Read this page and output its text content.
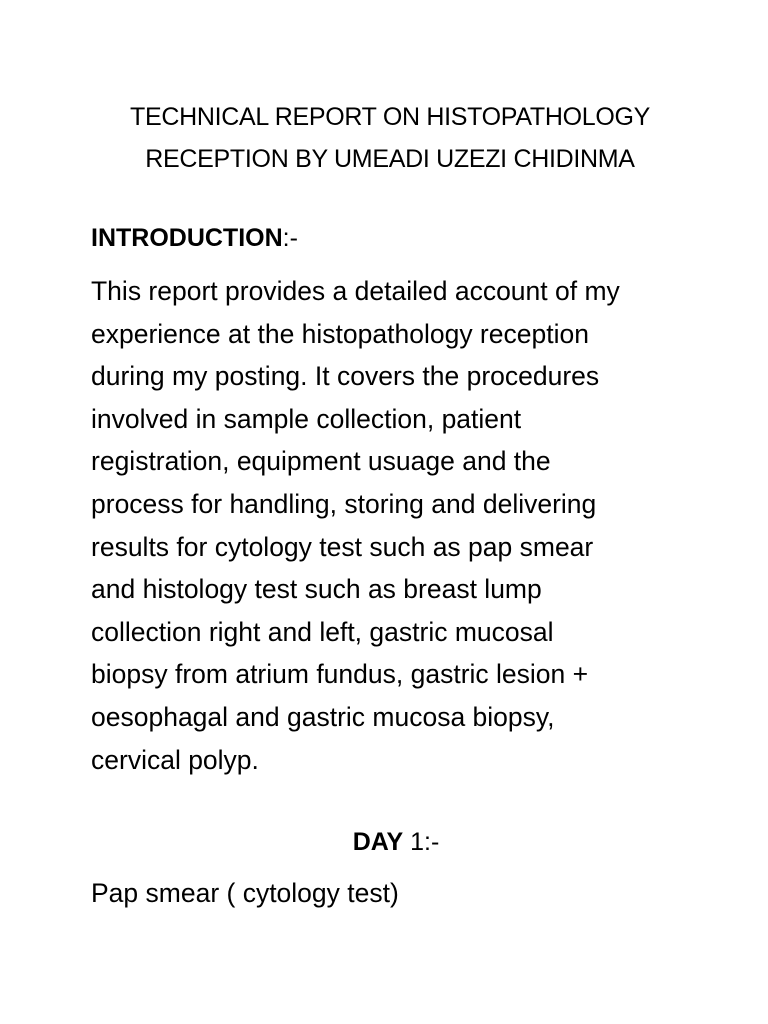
TECHNICAL REPORT ON HISTOPATHOLOGY
RECEPTION BY UMEADI UZEZI CHIDINMA
INTRODUCTION:-
This report provides a detailed account of my
experience at the histopathology reception
during my posting. It covers the procedures
involved in sample collection, patient
registration, equipment usuage and the
process for handling, storing and delivering
results for cytology test such as pap smear
and histology test such as breast lump
collection right and left, gastric mucosal
biopsy from atrium fundus, gastric lesion +
oesophagal and gastric mucosa biopsy,
cervical polyp.
DAY 1:-
Pap smear ( cytology test)
